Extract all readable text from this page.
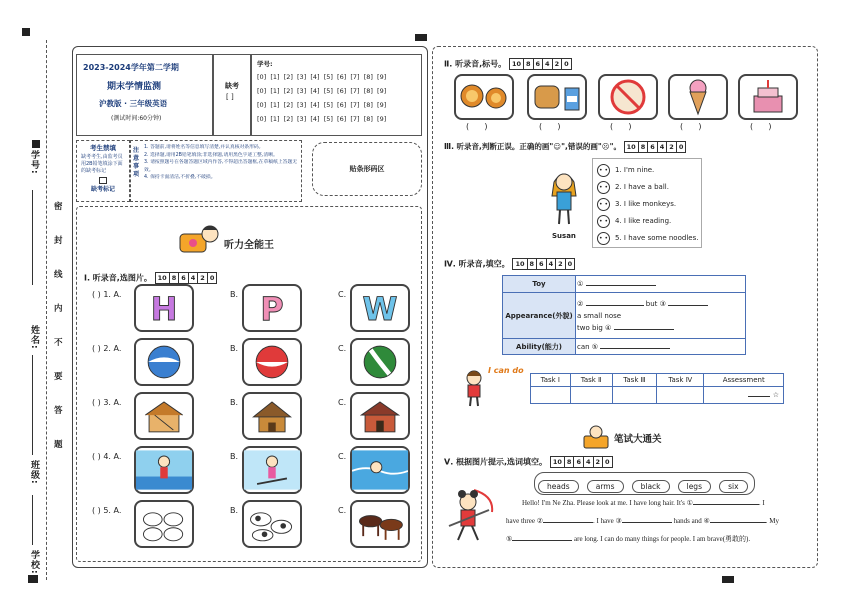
学号:
姓名:
班级:
学校:
密
封
线
内
不
要
答
题
2023-2024学年第二学期
期末学情监测
沪教版 · 三年级英语
(测试时间:60分钟)
缺考
[ ]
学号:
[0]  [1]  [2]  [3]  [4]  [5]  [6]  [7]  [8]  [9]
[0]  [1]  [2]  [3]  [4]  [5]  [6]  [7]  [8]  [9]
[0]  [1]  [2]  [3]  [4]  [5]  [6]  [7]  [8]  [9]
[0]  [1]  [2]  [3]  [4]  [5]  [6]  [7]  [8]  [9]
考生禁填
缺考考生,由监考员用2B铅笔填涂下面的缺考标记
缺考标记
注意事项
1. 答题前,请将姓名等信息填写清楚,并认真核对条形码。
2. 选择题,请用2B铅笔填涂;非选择题,请用黑色字迹工整,清晰。
3. 请按照题号在各题答题区域内作答,不得超出答题框,在草稿纸上答题无效。
4. 保持卡面清洁,不折叠,不破损。
贴条形码区
听力全能王
Ⅰ. 听录音,选图片。 10 8 6 4 2 0
( ) 1. A.	B.	C.
H P W
( ) 2. A.	B.	C.
( ) 3. A.	B.	C.
( ) 4. A.	B.	C.
( ) 5. A.	B.	C.
Ⅱ. 听录音,标号。 10 8 6 4 2 0
(      )	(      )	(      )	(      )	(      )
Ⅲ. 听录音,判断正误。正确的画"☺",错误的画"☹"。 10 8 6 4 2 0
Susan
• • 1. I'm nine.
• • 2. I have a ball.
• • 3. I like monkeys.
• • 4. I like reading.
• • 5. I have some noodles.
Ⅳ. 听录音,填空。 10 8 6 4 2 0
Toy	①
Appearance(外貌)	② but ③
a small nose
two big ④
Ability(能力)	can ⑤
I can do
Task Ⅰ	Task Ⅱ	Task Ⅲ	Task Ⅳ	Assessment
				☆
笔试大通关
Ⅴ. 根据图片提示,选词填空。 10 8 6 4 2 0
heads	arms	black	legs	six
Hello! I'm Ne Zha. Please look at me. I have long hair. It's ①	. I
have three ②	. I have ③	hands and ④	. My
⑤	are long. I can do many things for people. I am brave(勇敢的).
